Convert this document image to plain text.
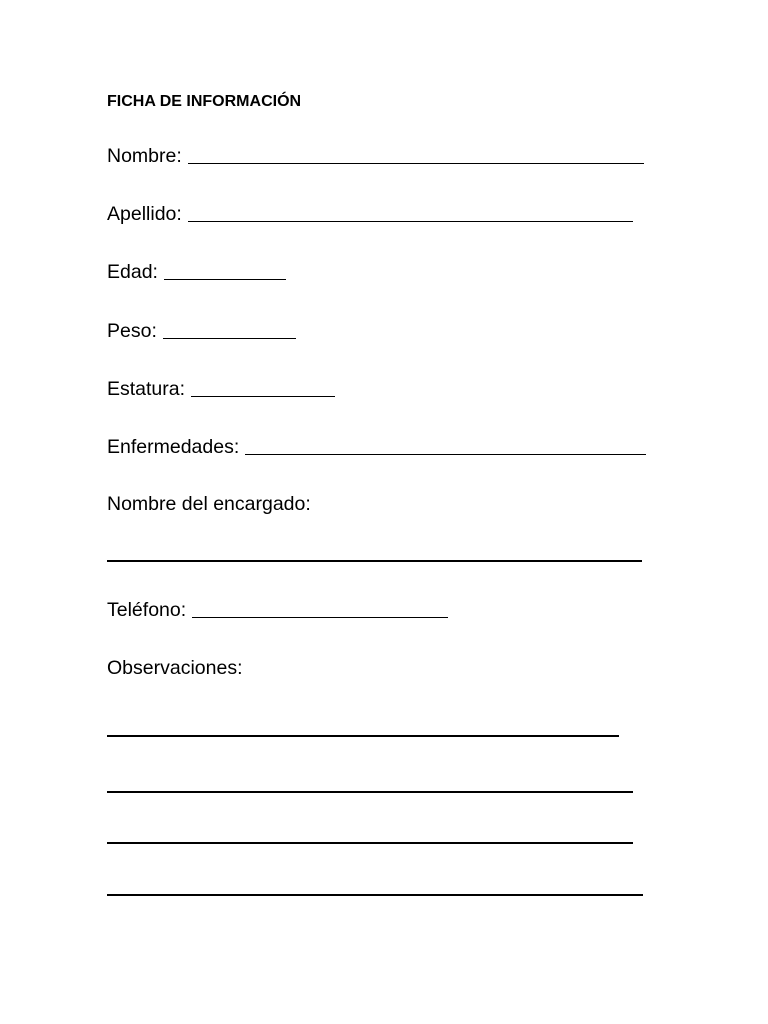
FICHA DE INFORMACIÓN
Nombre:
Apellido:
Edad:
Peso:
Estatura:
Enfermedades:
Nombre del encargado:
Teléfono:
Observaciones:
